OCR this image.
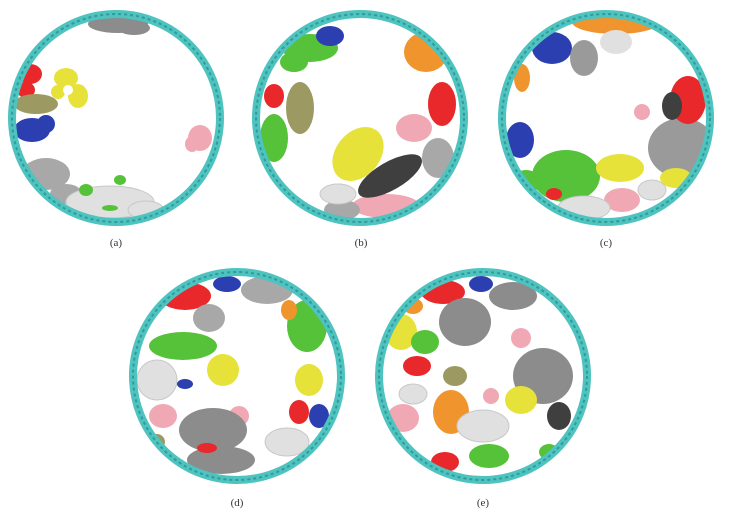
(a)	(b)	(c)
(d)	(e)
